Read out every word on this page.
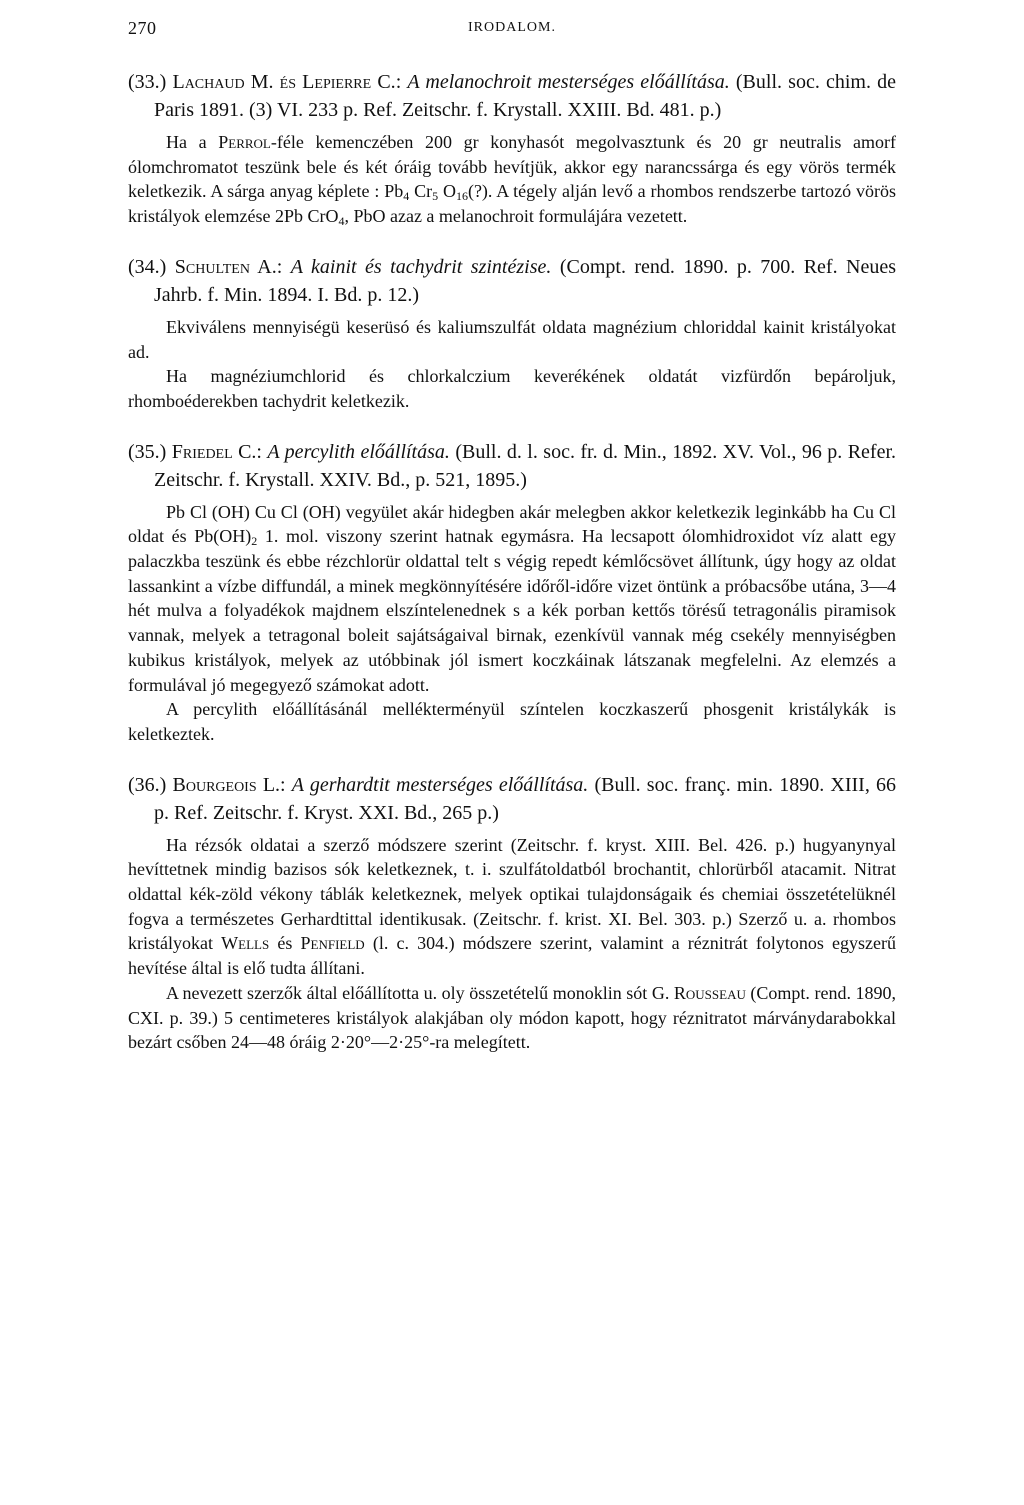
270	IRODALOM.

(33.) Lachaud M. és Lepierre C.: A melanochroit mesterséges előállítása. (Bull. soc. chim. de Paris 1891. (3) VI. 233 p. Ref. Zeitschr. f. Krystall. XXIII. Bd. 481. p.)

Ha a Perrol-féle kemenczében 200 gr konyhasót megolvasztunk és 20 gr neutralis amorf ólomchromatot teszünk bele és két óráig tovább hevítjük, akkor egy narancssárga és egy vörös termék keletkezik. A sárga anyag képlete : $Pb_4$ $Cr_5$ $O_{16}(?)$. A tégely alján levő a rhombos rendszerbe tartozó vörös kristályok elemzése 2Pb CrO$_4$, PbO azaz a melanochroit formulájára vezetett.

(34.) Schulten A.: A kainit és tachydrit szintézise. (Compt. rend. 1890. p. 700. Ref. Neues Jahrb. f. Min. 1894. I. Bd. p. 12.)

Ekviválens mennyiségü keserüsó és kaliumszulfát oldata magnézium chloriddal kainit kristályokat ad.

Ha magnéziumchlorid és chlorkalczium keverékének oldatát vizfürdőn bepároljuk, rhomboéderekben tachydrit keletkezik.

(35.) Friedel C.: A percylith előállítása. (Bull. d. l. soc. fr. d. Min., 1892. XV. Vol., 96 p. Refer. Zeitschr. f. Krystall. XXIV. Bd., p. 521, 1895.)

Pb Cl (OH) Cu Cl (OH) vegyület akár hidegben akár melegben akkor keletkezik leginkább ha Cu Cl oldat és $Pb(OH)_2$ 1. mol. viszony szerint hatnak egymásra. Ha lecsapott ólomhidroxidot víz alatt egy palaczkba teszünk és ebbe rézchlorür oldattal telt s végig repedt kémlőcsövet állítunk, úgy hogy az oldat lassankint a vízbe diffundál, a minek megkönnyítésére időről-időre vizet öntünk a próbacsőbe utána, 3—4 hét mulva a folyadékok majdnem elszíntelenednek s a kék porban kettős törésű tetragonális piramisok vannak, melyek a tetragonal boleit sajátságaival birnak, ezenkívül vannak még csekély mennyiségben kubikus kristályok, melyek az utóbbinak jól ismert koczkáinak látszanak megfelelni. Az elemzés a formulával jó megegyező számokat adott.

A percylith előállításánál mellékterményül színtelen koczkaszerű phosgenit kristálykák is keletkeztek.

(36.) Bourgeois L.: A gerhardtit mesterséges előállítása. (Bull. soc. franç. min. 1890. XIII, 66 p. Ref. Zeitschr. f. Kryst. XXI. Bd., 265 p.)

Ha rézsók oldatai a szerző módszere szerint (Zeitschr. f. kryst. XIII. Bel. 426. p.) hugyanynyal hevíttetnek mindig bazisos sók keletkeznek, t. i. szulfátoldatból brochantit, chlorürből atacamit. Nitrat oldattal kék-zöld vékony táblák keletkeznek, melyek optikai tulajdonságaik és chemiai összetételüknél fogva a természetes Gerhardtittal identikusak. (Zeitschr. f. krist. XI. Bel. 303. p.) Szerző u. a. rhombos kristályokat Wells és Penfield (l. c. 304.) módszere szerint, valamint a réznitrát folytonos egyszerű hevítése által is elő tudta állítani.

A nevezett szerzők által előállította u. oly összetételű monoklin sót G. Rousseau (Compt. rend. 1890, CXI. p. 39.) 5 centimeteres kristályok alakjában oly módon kapott, hogy réznitratot márványdarabokkal bezárt csőben 24—48 óráig 2·20°—2·25°-ra melegített.
